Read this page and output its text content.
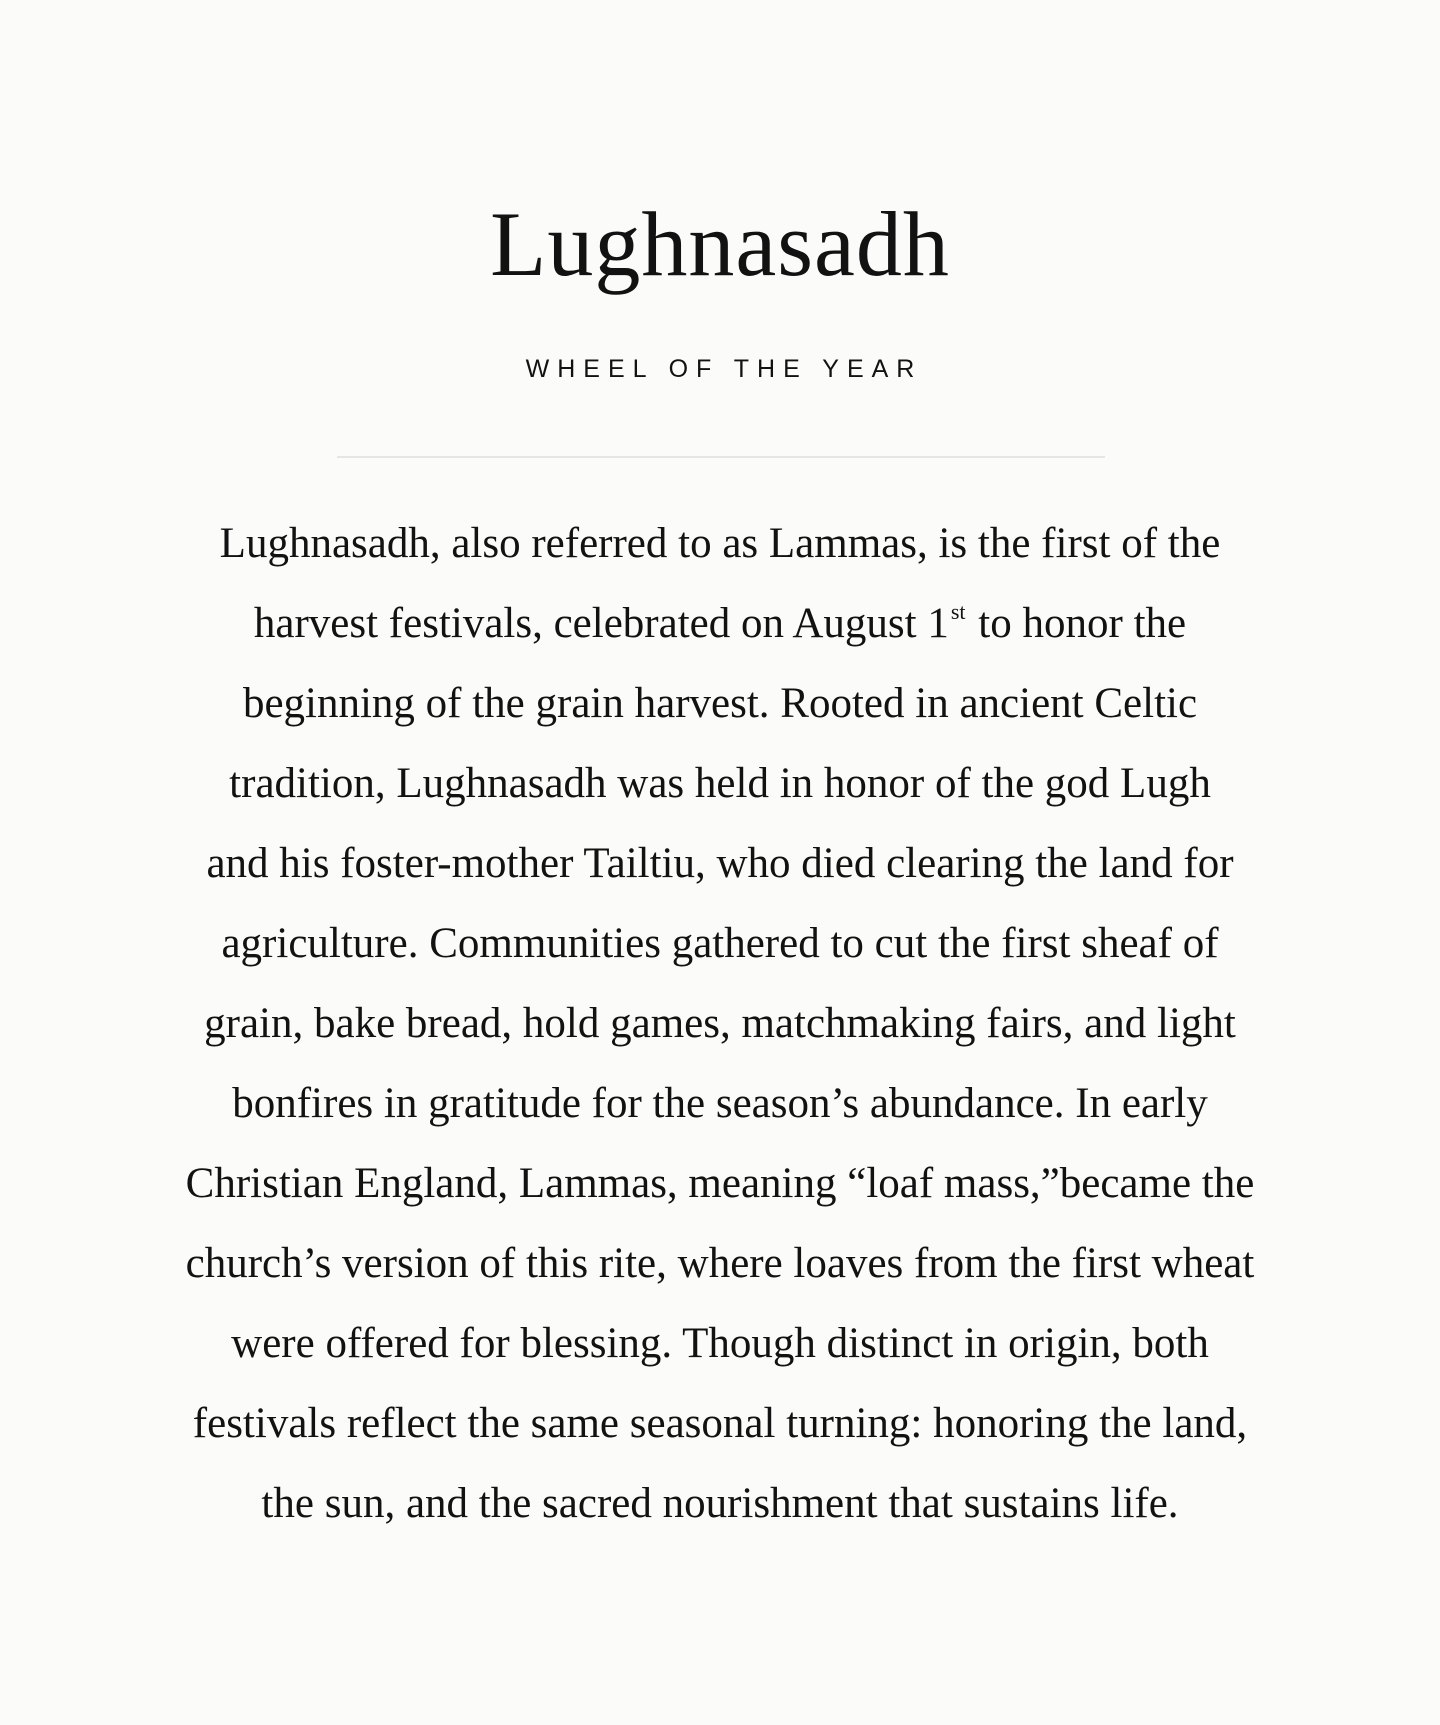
Lughnasadh
WHEEL OF THE YEAR
Lughnasadh, also referred to as Lammas, is the first of the
harvest festivals, celebrated on August 1st to honor the
beginning of the grain harvest. Rooted in ancient Celtic
tradition, Lughnasadh was held in honor of the god Lugh
and his foster-mother Tailtiu, who died clearing the land for
agriculture. Communities gathered to cut the first sheaf of
grain, bake bread, hold games, matchmaking fairs, and light
bonfires in gratitude for the season’s abundance. In early
Christian England, Lammas, meaning “loaf mass,”became the
church’s version of this rite, where loaves from the first wheat
were offered for blessing. Though distinct in origin, both
festivals reflect the same seasonal turning: honoring the land,
the sun, and the sacred nourishment that sustains life.
